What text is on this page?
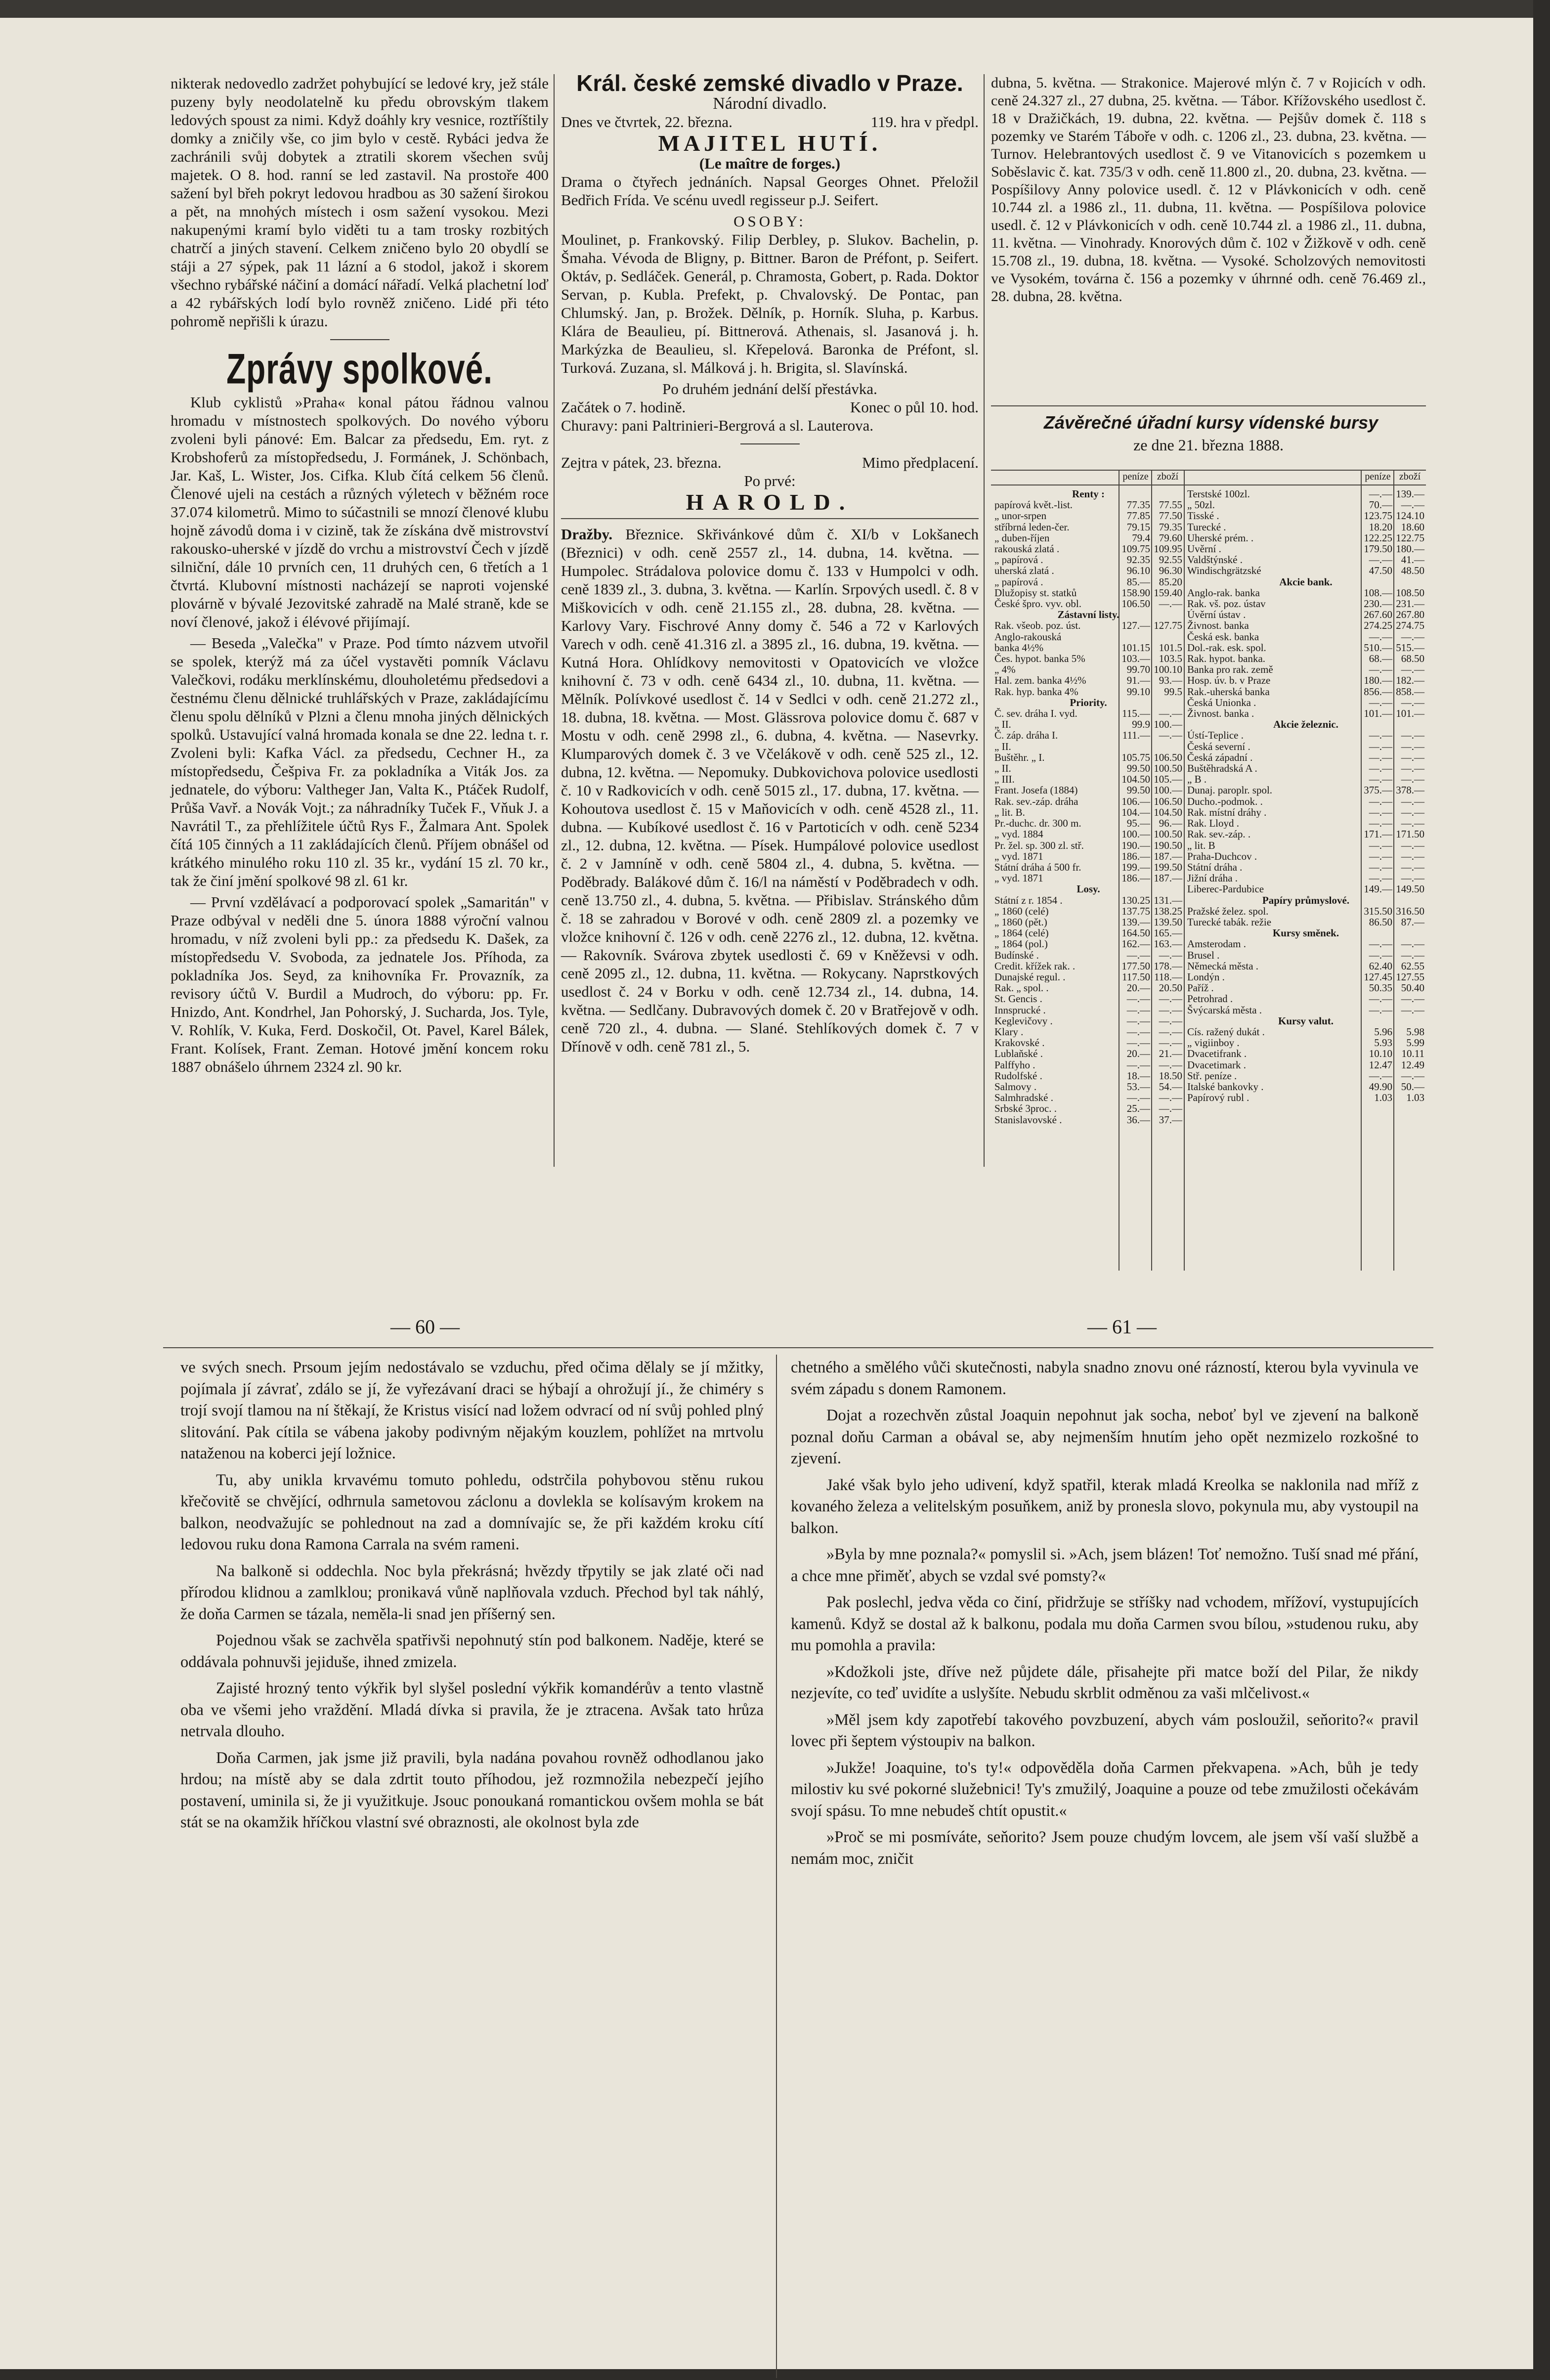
nikterak nedovedlo zadržet pohybující se ledové kry, jež stále puzeny byly neodolatelně ku předu obrovským tlakem ledových spoust za nimi. Když doáhly kry vesnice, roztříštily domky a zničily vše, co jim bylo v cestě. Rybáci jedva že zachránili svůj dobytek a ztratili skorem všechen svůj majetek. O 8. hod. ranní se led zastavil. Na prostoře 400 sažení byl břeh pokryt ledovou hradbou as 30 sažení širokou a pět, na mnohých místech i osm sažení vysokou. Mezi nakupenými kramí bylo viděti tu a tam trosky rozbitých chatrčí a jiných stavení. Celkem zničeno bylo 20 obydlí se stáji a 27 sýpek, pak 11 lázní a 6 stodol, jakož i skorem všechno rybářské náčiní a domácí nářadí. Velká plachetní loď a 42 rybářských lodí bylo rovněž zničeno. Lidé při této pohromě nepřišli k úrazu.

Zprávy spolkové.

Klub cyklistů »Praha« konal pátou řádnou valnou hromadu v místnostech spolkových. Do nového výboru zvoleni byli pánové: Em. Balcar za předsedu, Em. ryt. z Krobshoferů za místopředsedu, J. Formánek, J. Schönbach, Jar. Kaš, L. Wister, Jos. Cifka. Klub čítá celkem 56 členů. Členové ujeli na cestách a různých výletech v běžném roce 37.074 kilometrů. Mimo to súčastnili se mnozí členové klubu hojně závodů doma i v cizině, tak že získána dvě mistrovství rakousko-uherské v jízdě do vrchu a mistrovství Čech v jízdě silniční, dále 10 prvních cen, 11 druhých cen, 6 třetích a 1 čtvrtá. Klubovní místnosti nacházejí se naproti vojenské plovárně v bývalé Jezovitské zahradě na Malé straně, kde se noví členové, jakož i élévové přijímají.

— Beseda „Valečka" v Praze. Pod tímto názvem utvořil se spolek, kterýž má za účel vystavěti pomník Václavu Valečkovi, rodáku merklínskému, dlouholetému předsedovi a čestnému členu dělnické truhlářských v Praze, zakládajícímu členu spolu dělníků v Plzni a členu mnoha jiných dělnických spolků. Ustavující valná hromada konala se dne 22. ledna t. r. Zvoleni byli: Kafka Václ. za předsedu, Cechner H., za místopředsedu, Češpiva Fr. za pokladníka a Viták Jos. za jednatele, do výboru: Valtheger Jan, Valta K., Ptáček Rudolf, Průša Vavř. a Novák Vojt.; za náhradníky Tuček F., Vňuk J. a Navrátil T., za přehlížitele účtů Rys F., Žalmara Ant. Spolek čítá 105 činných a 11 zakládajících členů. Příjem obnášel od krátkého minulého roku 110 zl. 35 kr., vydání 15 zl. 70 kr., tak že činí jmění spolkové 98 zl. 61 kr.

— První vzdělávací a podporovací spolek „Samaritán" v Praze odbýval v neděli dne 5. února 1888 výroční valnou hromadu, v níž zvoleni byli pp.: za předsedu K. Dašek, za místopředsedu V. Svoboda, za jednatele Jos. Příhoda, za pokladníka Jos. Seyd, za knihovníka Fr. Provazník, za revisory účtů V. Burdil a Mudroch, do výboru: pp. Fr. Hnizdo, Ant. Kondrhel, Jan Pohorský, J. Sucharda, Jos. Tyle, V. Rohlík, V. Kuka, Ferd. Doskočil, Ot. Pavel, Karel Bálek, Frant. Kolísek, Frant. Zeman. Hotové jmění koncem roku 1887 obnášelo úhrnem 2324 zl. 90 kr.

Král. české zemské divadlo v Praze.
Národní divadlo.
Dnes ve čtvrtek, 22. března.	119. hra v předpl.
MAJITEL HUTÍ.
(Le maître de forges.)

Drama o čtyřech jednáních. Napsal Georges Ohnet. Přeložil Bedřich Frída. Ve scénu uvedl regisseur p.J. Seifert.

OSOBY:

Moulinet, p. Frankovský. Filip Derbley, p. Slukov. Bachelin, p. Šmaha. Vévoda de Bligny, p. Bittner. Baron de Préfont, p. Seifert. Oktáv, p. Sedláček. Generál, p. Chramosta, Gobert, p. Rada. Doktor Servan, p. Kubla. Prefekt, p. Chvalovský. De Pontac, pan Chlumský. Jan, p. Brožek. Dělník, p. Horník. Sluha, p. Karbus. Klára de Beaulieu, pí. Bittnerová. Athenais, sl. Jasanová j. h. Markýzka de Beaulieu, sl. Křepelová. Baronka de Préfont, sl. Turková. Zuzana, sl. Málková j. h. Brigita, sl. Slavínská.

Po druhém jednání delší přestávka.
Začátek o 7. hodině.	Konec o půl 10. hod.

Churavy: pani Paltrinieri-Bergrová a sl. Lauterova.

Zejtra v pátek, 23. března.	Mimo předplacení.
Po prvé:
HAROLD.

Dražby. Březnice. Skřivánkové dům č. XI/b v Lokšanech (Březnici) v odh. ceně 2557 zl., 14. dubna, 14. května. — Humpolec. Strádalova polovice domu č. 133 v Humpolci v odh. ceně 1839 zl., 3. dubna, 3. května. — Karlín. Srpových usedl. č. 8 v Miškovicích v odh. ceně 21.155 zl., 28. dubna, 28. května. — Karlovy Vary. Fischrové Anny domy č. 546 a 72 v Karlových Varech v odh. ceně 41.316 zl. a 3895 zl., 16. dubna, 19. května. — Kutná Hora. Ohlídkovy nemovitosti v Opatovicích ve vložce knihovní č. 73 v odh. ceně 6434 zl., 10. dubna, 11. května. — Mělník. Polívkové usedlost č. 14 v Sedlci v odh. ceně 21.272 zl., 18. dubna, 18. května. — Most. Glässrova polovice domu č. 687 v Mostu v odh. ceně 2998 zl., 6. dubna, 4. května. — Nasevrky. Klumparových domek č. 3 ve Včelákově v odh. ceně 525 zl., 12. dubna, 12. května. — Nepomuky. Dubkovichova polovice usedlosti č. 10 v Radkovicích v odh. ceně 5015 zl., 17. dubna, 17. května. — Kohoutova usedlost č. 15 v Maňovicích v odh. ceně 4528 zl., 11. dubna. — Kubíkové usedlost č. 16 v Partoticích v odh. ceně 5234 zl., 12. dubna, 12. května. — Písek. Humpálové polovice usedlost č. 2 v Jamníně v odh. ceně 5804 zl., 4. dubna, 5. května. — Poděbrady. Balákové dům č. 16/l na náměstí v Poděbradech v odh. ceně 13.750 zl., 4. dubna, 5. května. — Přibislav. Stránského dům č. 18 se zahradou v Borové v odh. ceně 2809 zl. a pozemky ve vložce knihovní č. 126 v odh. ceně 2276 zl., 12. dubna, 12. května. — Rakovník. Svárova zbytek usedlosti č. 69 v Kněževsi v odh. ceně 2095 zl., 12. dubna, 11. května. — Rokycany. Naprstkových usedlost č. 24 v Borku v odh. ceně 12.734 zl., 14. dubna, 14. května. — Sedlčany. Dubravových domek č. 20 v Bratřejově v odh. ceně 720 zl., 4. dubna. — Slané. Stehlíkových domek č. 7 v Dřínově v odh. ceně 781 zl., 5.

dubna, 5. května. — Strakonice. Majerové mlýn č. 7 v Rojicích v odh. ceně 24.327 zl., 27 dubna, 25. května. — Tábor. Křížovského usedlost č. 18 v Dražičkách, 19. dubna, 22. května. — Pejšův domek č. 118 s pozemky ve Starém Táboře v odh. c. 1206 zl., 23. dubna, 23. května. — Turnov. Helebrantových usedlost č. 9 ve Vitanovicích s pozemkem u Soběslavic č. kat. 735/3 v odh. ceně 11.800 zl., 20. dubna, 23. května. — Pospíšilovy Anny polovice usedl. č. 12 v Plávkonicích v odh. ceně 10.744 zl. a 1986 zl., 11. dubna, 11. května. — Pospíšilova polovice usedl. č. 12 v Plávkonicích v odh. ceně 10.744 zl. a 1986 zl., 11. dubna, 11. května. — Vinohrady. Knorových dům č. 102 v Žižkově v odh. ceně 15.708 zl., 19. dubna, 18. května. — Vysoké. Scholzových nemovitosti ve Vysokém, továrna č. 156 a pozemky v úhrnné odh. ceně 76.469 zl., 28. dubna, 28. května.

Závěrečné úřadní kursy vídenské bursy
ze dne 21. března 1888.
peníze zboží	peníze zboží
Renty :
papírová květ.-list.	77.35 77.55
„ unor-srpen	77.85 77.50
stříbrná leden-čer.	79.15 79.35
„ duben-říjen	79.4 79.60
rakouská zlatá .	109.75 109.95
„ papírová .	92.35 92.55
uherská zlatá .	96.10 96.30
„ papírová .	85.— 85.20
Dlužopisy st. statků	158.90 159.40
České špro. vyv. obl.	106.50 —.—
Zástavní listy.
Rak. všeob. poz. úst.	127.— 127.75
Anglo-rakouská
banka 4½%	101.15 101.5
Čes. hypot. banka 5%	103.— 103.5
„ 4%	99.70 100.10
Hal. zem. banka 4½%	91.— 93.—
Rak. hyp. banka 4%	99.10	99.5
Priority.
Č. sev. dráha I. vyd.	115.— —.—
„ II.	99.9 100.—
Č. záp. dráha I.	111.— —.—
„ II.
Buštěhr. „ I.	105.75 106.50
„ II.	99.50 100.50
„ III.	104.50 105.—
Frant. Josefa (1884)	99.50 100.—
Rak. sev.-záp. dráha	106.— 106.50
„ lit. B.	104.— 104.50
Pr.-duchc. dr. 300 m.	95.— 96.—
„ vyd. 1884	100.— 100.50
Pr. žel. sp. 300 zl. stř.	190.— 190.50
„ vyd. 1871	186.— 187.—
Státní dráha á 500 fr.	199.— 199.50
„ vyd. 1871	186.— 187.—
Losy.
Státní z r. 1854 .	130.25 131.—
„ 1860 (celé)	137.75 138.25
„ 1860 (pět.)	139.— 139.50
„ 1864 (celé)	164.50 165.—
„ 1864 (pol.)	162.— 163.—
Budínské .	—.— —.—
Credit. křížek rak. .	177.50 178.—
Dunajské regul. .	117.50 118.—
Rak. „ spol. .	20.— 20.50
St. Gencis .	—.— —.—
Innsprucké .	—.— —.—
Keglevičovy .	—.— —.—
Klary .	—.— —.—
Krakovské .	—.— —.—
Lublaňské .	20.— 21.—
Palffyho .	—.— —.—
Rudolfské .	18.— 18.50
Salmovy .	53.— 54.—
Salmhradské .	—.— —.—
Srbské 3proc. .	25.— —.—
Stanislavovské .	36.— 37.—
Terstské 100zl.	—.— 139.—
„ 50zl.	70.— —.—
Tisské .	123.75 124.10
Turecké .	18.20 18.60
Uherské prém. .	122.25 122.75
Uvěrní .	179.50 180.—
Valdštýnské .	—.— 41.—
Windischgrätzské	47.50 48.50
Akcie bank.
Anglo-rak. banka	108.— 108.50
Rak. vš. poz. ústav	230.— 231.—
Úvěrní ústav .	267.60 267.80
Živnost. banka	274.25 274.75
Česká esk. banka	—.— —.—
Dol.-rak. esk. spol.	510.— 515.—
Rak. hypot. banka.	68.— 68.50
Banka pro rak. země	—.— —.—
Hosp. úv. b. v Praze	180.— 182.—
Rak.-uherská banka	856.— 858.—
Česká Unionka .	—.— —.—
Živnost. banka .	101.— 101.—
Akcie železnic.
Ústí-Teplice .	—.— —.—
Česká severní .	—.— —.—
Česká západní .	—.— —.—
Buštěhradská A .	—.— —.—
„ B .	—.— —.—
Dunaj. paroplr. spol.	375.— 378.—
Ducho.-podmok. .	—.— —.—
Rak. místní dráhy .	—.— —.—
Rak. Lloyd .	—.— —.—
Rak. sev.-záp. .	171.— 171.50
„ lit. B	—.— —.—
Praha-Duchcov .	—.— —.—
Státní dráha .	—.— —.—
Jižní dráha .	—.— —.—
Liberec-Pardubice	149.— 149.50
Papíry průmyslové.
Pražské želez. spol.	315.50 316.50
Turecké tabák. režie	86.50 87.—
Kursy směnek.
Amsterodam .	—.— —.—
Brusel .	—.— —.—
Německá města .	62.40 62.55
Londýn .	127.45 127.55
Paříž .	50.35 50.40
Petrohrad .	—.— —.—
Švýcarská města .	—.— —.—
Kursy valut.
Cís. ražený dukát .	5.96	5.98
„ vigiinboy .	5.93	5.99
Dvacetifrank .	10.10 10.11
Dvacetimark .	12.47 12.49
Stř. peníze .	—.— —.—
Italské bankovky .	49.90 50.—
Papírový rubl .	1.03	1.03
— 60 —	— 61 —

ve svých snech. Prsoum jejím nedostávalo se vzduchu, před očima dělaly se jí mžitky, pojímala jí závrať, zdálo se jí, že vyřezávaní draci se hýbají a ohrožují jí., že chiméry s trojí svojí tlamou na ní štěkají, že Kristus visící nad ložem odvrací od ní svůj pohled plný slitování. Pak cítila se vábena jakoby podivným nějakým kouzlem, pohlížet na mrtvolu nataženou na koberci její ložnice.

Tu, aby unikla krvavému tomuto pohledu, odstrčila pohybovou stěnu rukou křečovitě se chvějící, odhrnula sametovou záclonu a dovlekla se kolísavým krokem na balkon, neodvažujíc se pohlednout na zad a domnívajíc se, že při každém kroku cítí ledovou ruku dona Ramona Carrala na svém rameni.

Na balkoně si oddechla. Noc byla překrásná; hvězdy třpytily se jak zlaté oči nad přírodou klidnou a zamlklou; pronikavá vůně naplňovala vzduch. Přechod byl tak náhlý, že doňa Carmen se tázala, neměla-li snad jen příšerný sen.

Pojednou však se zachvěla spatřivši nepohnutý stín pod balkonem. Naděje, které se oddávala pohnuvši jejiduše, ihned zmizela.

Zajisté hrozný tento výkřik byl slyšel poslední výkřik komandérův a tento vlastně oba ve všemi jeho vraždění. Mladá dívka si pravila, že je ztracena. Avšak tato hrůza netrvala dlouho.

Doňa Carmen, jak jsme již pravili, byla nadána povahou rovněž odhodlanou jako hrdou; na místě aby se dala zdrtit touto příhodou, jež rozmnožila nebezpečí jejího postavení, uminila si, že ji využitkuje. Jsouc ponoukaná romantickou ovšem mohla se bát stát se na okamžik hříčkou vlastní své obraznosti, ale okolnost byla zde

chetného a smělého vůči skutečnosti, nabyla snadno znovu oné rázností, kterou byla vyvinula ve svém západu s donem Ramonem.

Dojat a rozechvěn zůstal Joaquin nepohnut jak socha, neboť byl ve zjevení na balkoně poznal doňu Carman a obával se, aby nejmenším hnutím jeho opět nezmizelo rozkošné to zjevení.

Jaké však bylo jeho udivení, když spatřil, kterak mladá Kreolka se naklonila nad mříž z kovaného železa a velitelským posuňkem, aniž by pronesla slovo, pokynula mu, aby vystoupil na balkon.

»Byla by mne poznala?« pomyslil si. »Ach, jsem blázen! Toť nemožno. Tuší snad mé přání, a chce mne přiměť, abych se vzdal své pomsty?«

Pak poslechl, jedva věda co činí, přidržuje se stříšky nad vchodem, mřížoví, vystupujících kamenů. Když se dostal až k balkonu, podala mu doňa Carmen svou bílou, »studenou ruku, aby mu pomohla a pravila:

»Kdožkoli jste, dříve než půjdete dále, přisahejte při matce boží del Pilar, že nikdy nezjevíte, co teď uvidíte a uslyšíte. Nebudu skrblit odměnou za vaši mlčelivost.«

»Měl jsem kdy zapotřebí takového povzbuzení, abych vám posloužil, seňorito?« pravil lovec při šeptem výstoupiv na balkon.

»Jukže! Joaquine, to's ty!« odpověděla doňa Carmen překvapena. »Ach, bůh je tedy milostiv ku své pokorné služebnici! Ty's zmužilý, Joaquine a pouze od tebe zmužilosti očekávám svojí spásu. To mne nebudeš chtít opustit.«

»Proč se mi posmíváte, seňorito? Jsem pouze chudým lovcem, ale jsem vší vaší službě a nemám moc, zničit
